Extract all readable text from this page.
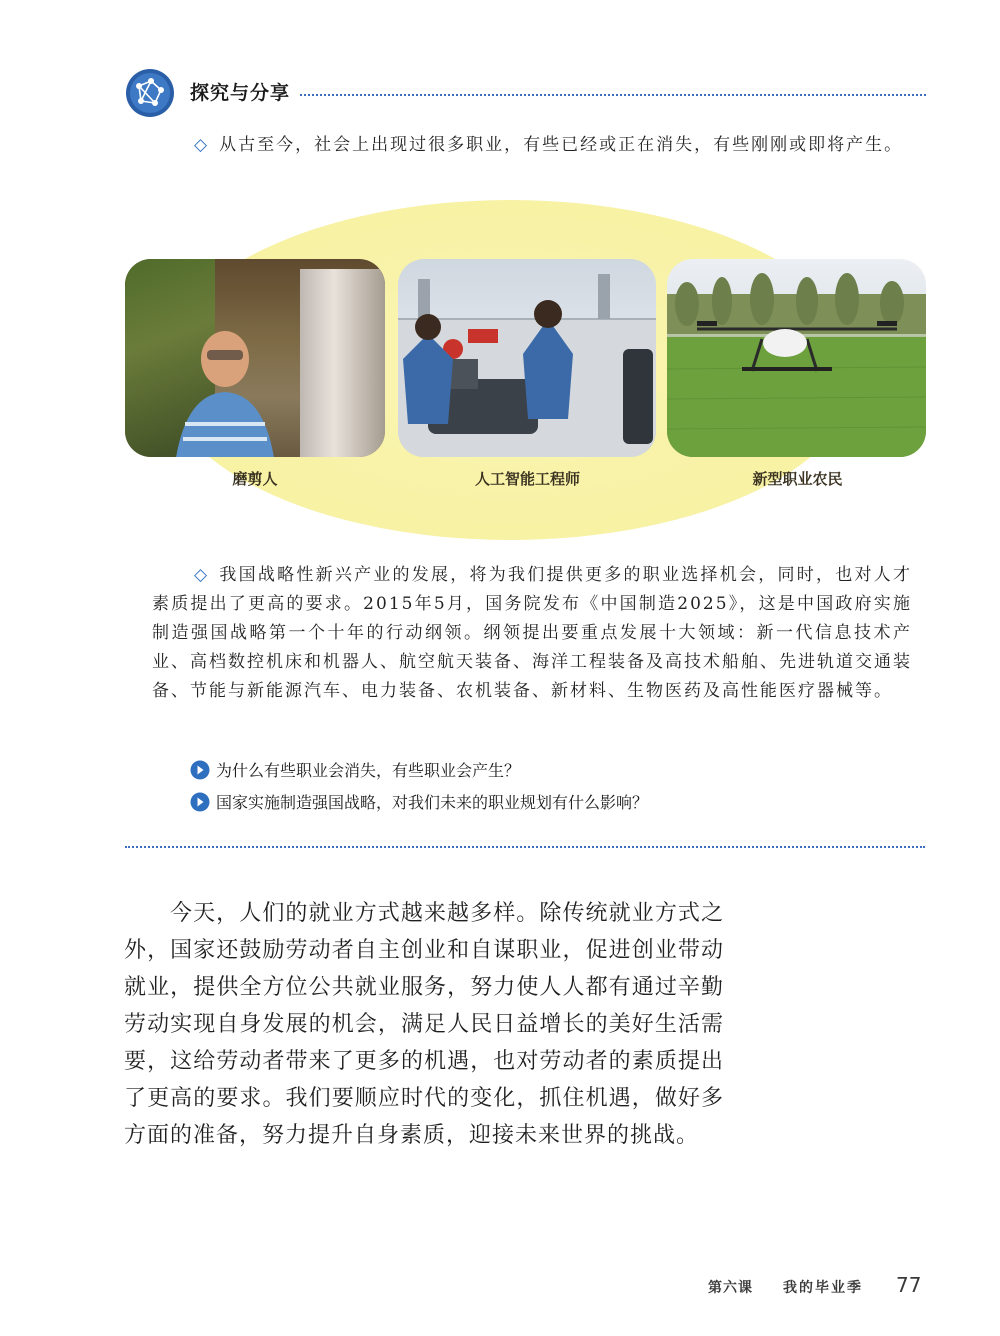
探究与分享
◇ 从古至今，社会上出现过很多职业，有些已经或正在消失，有些刚刚或即将产生。
磨剪人	人工智能工程师	新型职业农民
◇ 我国战略性新兴产业的发展，将为我们提供更多的职业选择机会，同时，也对人才素质提出了更高的要求。2015年5月，国务院发布《中国制造2025》，这是中国政府实施制造强国战略第一个十年的行动纲领。纲领提出要重点发展十大领域：新一代信息技术产业、高档数控机床和机器人、航空航天装备、海洋工程装备及高技术船舶、先进轨道交通装备、节能与新能源汽车、电力装备、农机装备、新材料、生物医药及高性能医疗器械等。
为什么有些职业会消失，有些职业会产生？
国家实施制造强国战略，对我们未来的职业规划有什么影响？
今天，人们的就业方式越来越多样。除传统就业方式之外，国家还鼓励劳动者自主创业和自谋职业，促进创业带动就业，提供全方位公共就业服务，努力使人人都有通过辛勤劳动实现自身发展的机会，满足人民日益增长的美好生活需要，这给劳动者带来了更多的机遇，也对劳动者的素质提出了更高的要求。我们要顺应时代的变化，抓住机遇，做好多方面的准备，努力提升自身素质，迎接未来世界的挑战。
第六课 我的毕业季 77
